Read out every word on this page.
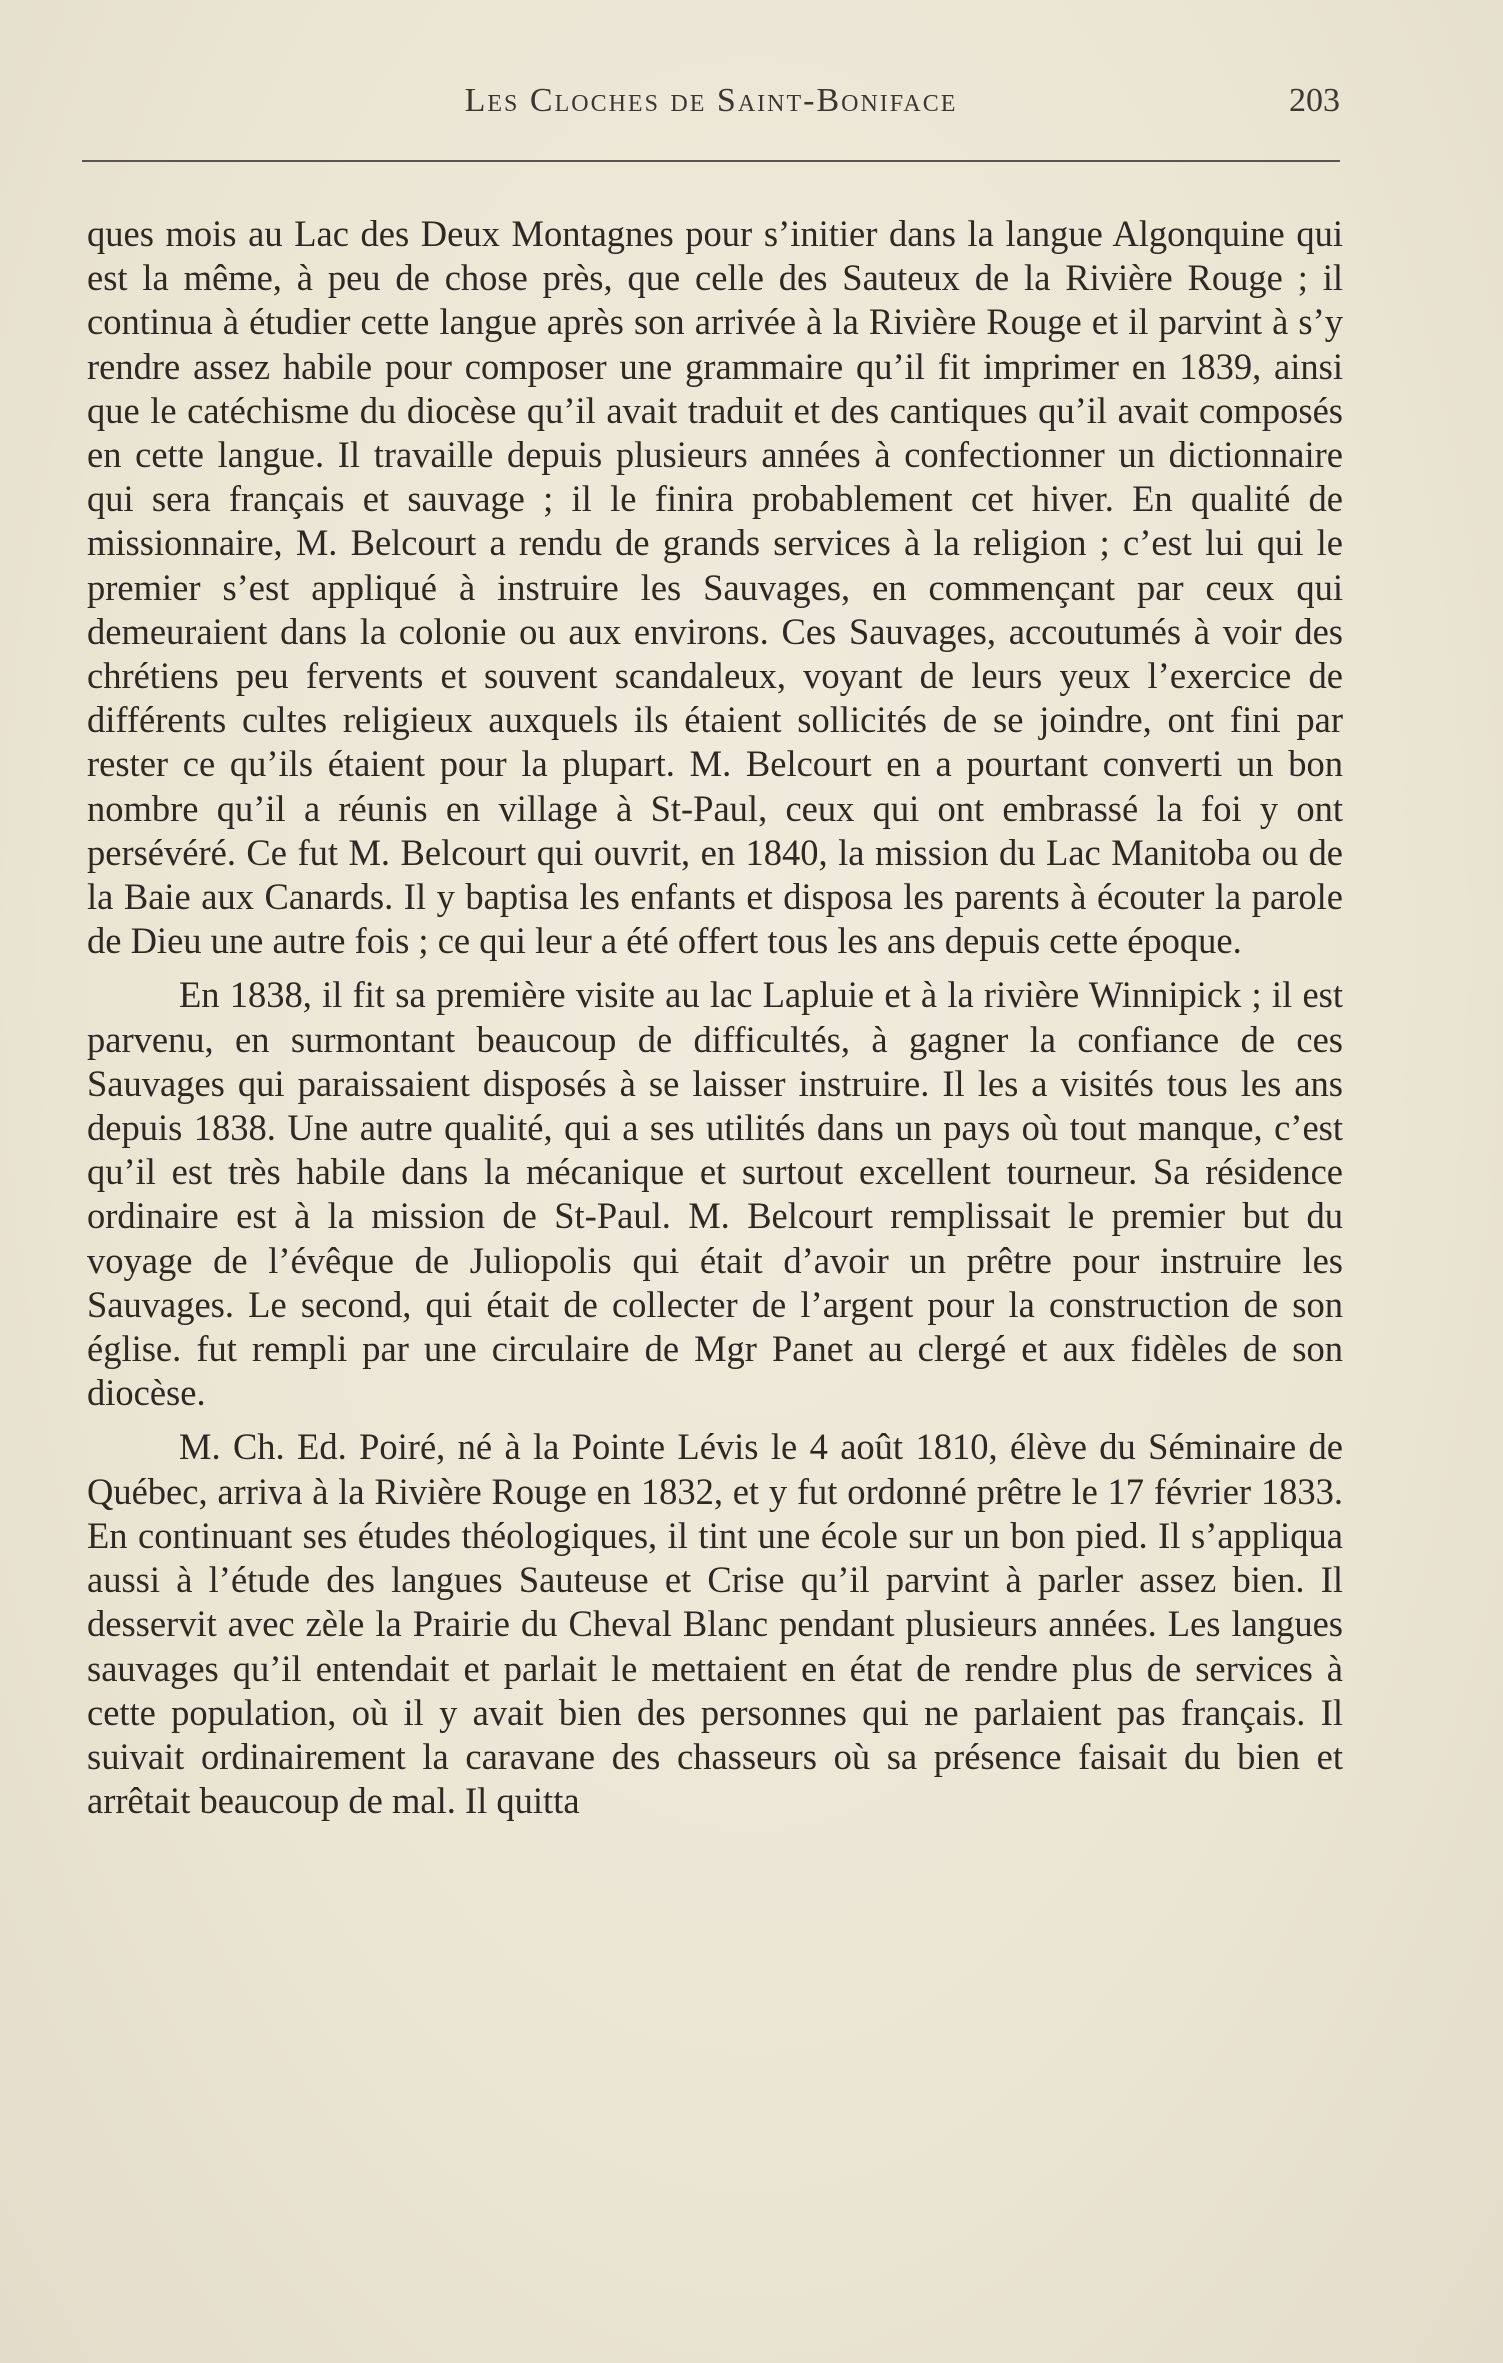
Les Cloches de Saint-Boniface	203

ques mois au Lac des Deux Montagnes pour s’initier dans la langue Algonquine qui est la même, à peu de chose près, que celle des Sauteux de la Rivière Rouge ; il continua à étudier cette langue après son arrivée à la Rivière Rouge et il parvint à s’y rendre assez habile pour composer une grammaire qu’il fit imprimer en 1839, ainsi que le catéchisme du diocèse qu’il avait traduit et des cantiques qu’il avait composés en cette langue. Il travaille depuis plusieurs années à confectionner un dictionnaire qui sera français et sauvage ; il le finira probablement cet hiver. En qualité de missionnaire, M. Belcourt a rendu de grands services à la religion ; c’est lui qui le premier s’est appliqué à instruire les Sauvages, en commençant par ceux qui demeuraient dans la colonie ou aux environs. Ces Sauvages, accoutumés à voir des chrétiens peu fervents et souvent scandaleux, voyant de leurs yeux l’exercice de différents cultes religieux auxquels ils étaient sollicités de se joindre, ont fini par rester ce qu’ils étaient pour la plupart. M. Belcourt en a pourtant converti un bon nombre qu’il a réunis en village à St-Paul, ceux qui ont embrassé la foi y ont persévéré. Ce fut M. Belcourt qui ouvrit, en 1840, la mission du Lac Manitoba ou de la Baie aux Canards. Il y baptisa les enfants et disposa les parents à écouter la parole de Dieu une autre fois ; ce qui leur a été offert tous les ans depuis cette époque.

En 1838, il fit sa première visite au lac Lapluie et à la rivière Winnipick ; il est parvenu, en surmontant beaucoup de difficultés, à gagner la confiance de ces Sauvages qui paraissaient disposés à se laisser instruire. Il les a visités tous les ans depuis 1838. Une autre qualité, qui a ses utilités dans un pays où tout manque, c’est qu’il est très habile dans la mécanique et surtout excellent tourneur. Sa résidence ordinaire est à la mission de St-Paul. M. Belcourt remplissait le premier but du voyage de l’évêque de Juliopolis qui était d’avoir un prêtre pour instruire les Sauvages. Le second, qui était de collecter de l’argent pour la construction de son église. fut rempli par une circulaire de Mgr Panet au clergé et aux fidèles de son diocèse.

M. Ch. Ed. Poiré, né à la Pointe Lévis le 4 août 1810, élève du Séminaire de Québec, arriva à la Rivière Rouge en 1832, et y fut ordonné prêtre le 17 février 1833. En continuant ses études théologiques, il tint une école sur un bon pied. Il s’appliqua aussi à l’étude des langues Sauteuse et Crise qu’il parvint à parler assez bien. Il desservit avec zèle la Prairie du Cheval Blanc pendant plusieurs années. Les langues sauvages qu’il entendait et parlait le mettaient en état de rendre plus de services à cette population, où il y avait bien des personnes qui ne parlaient pas français. Il suivait ordinairement la caravane des chasseurs où sa présence faisait du bien et arrêtait beaucoup de mal. Il quitta
